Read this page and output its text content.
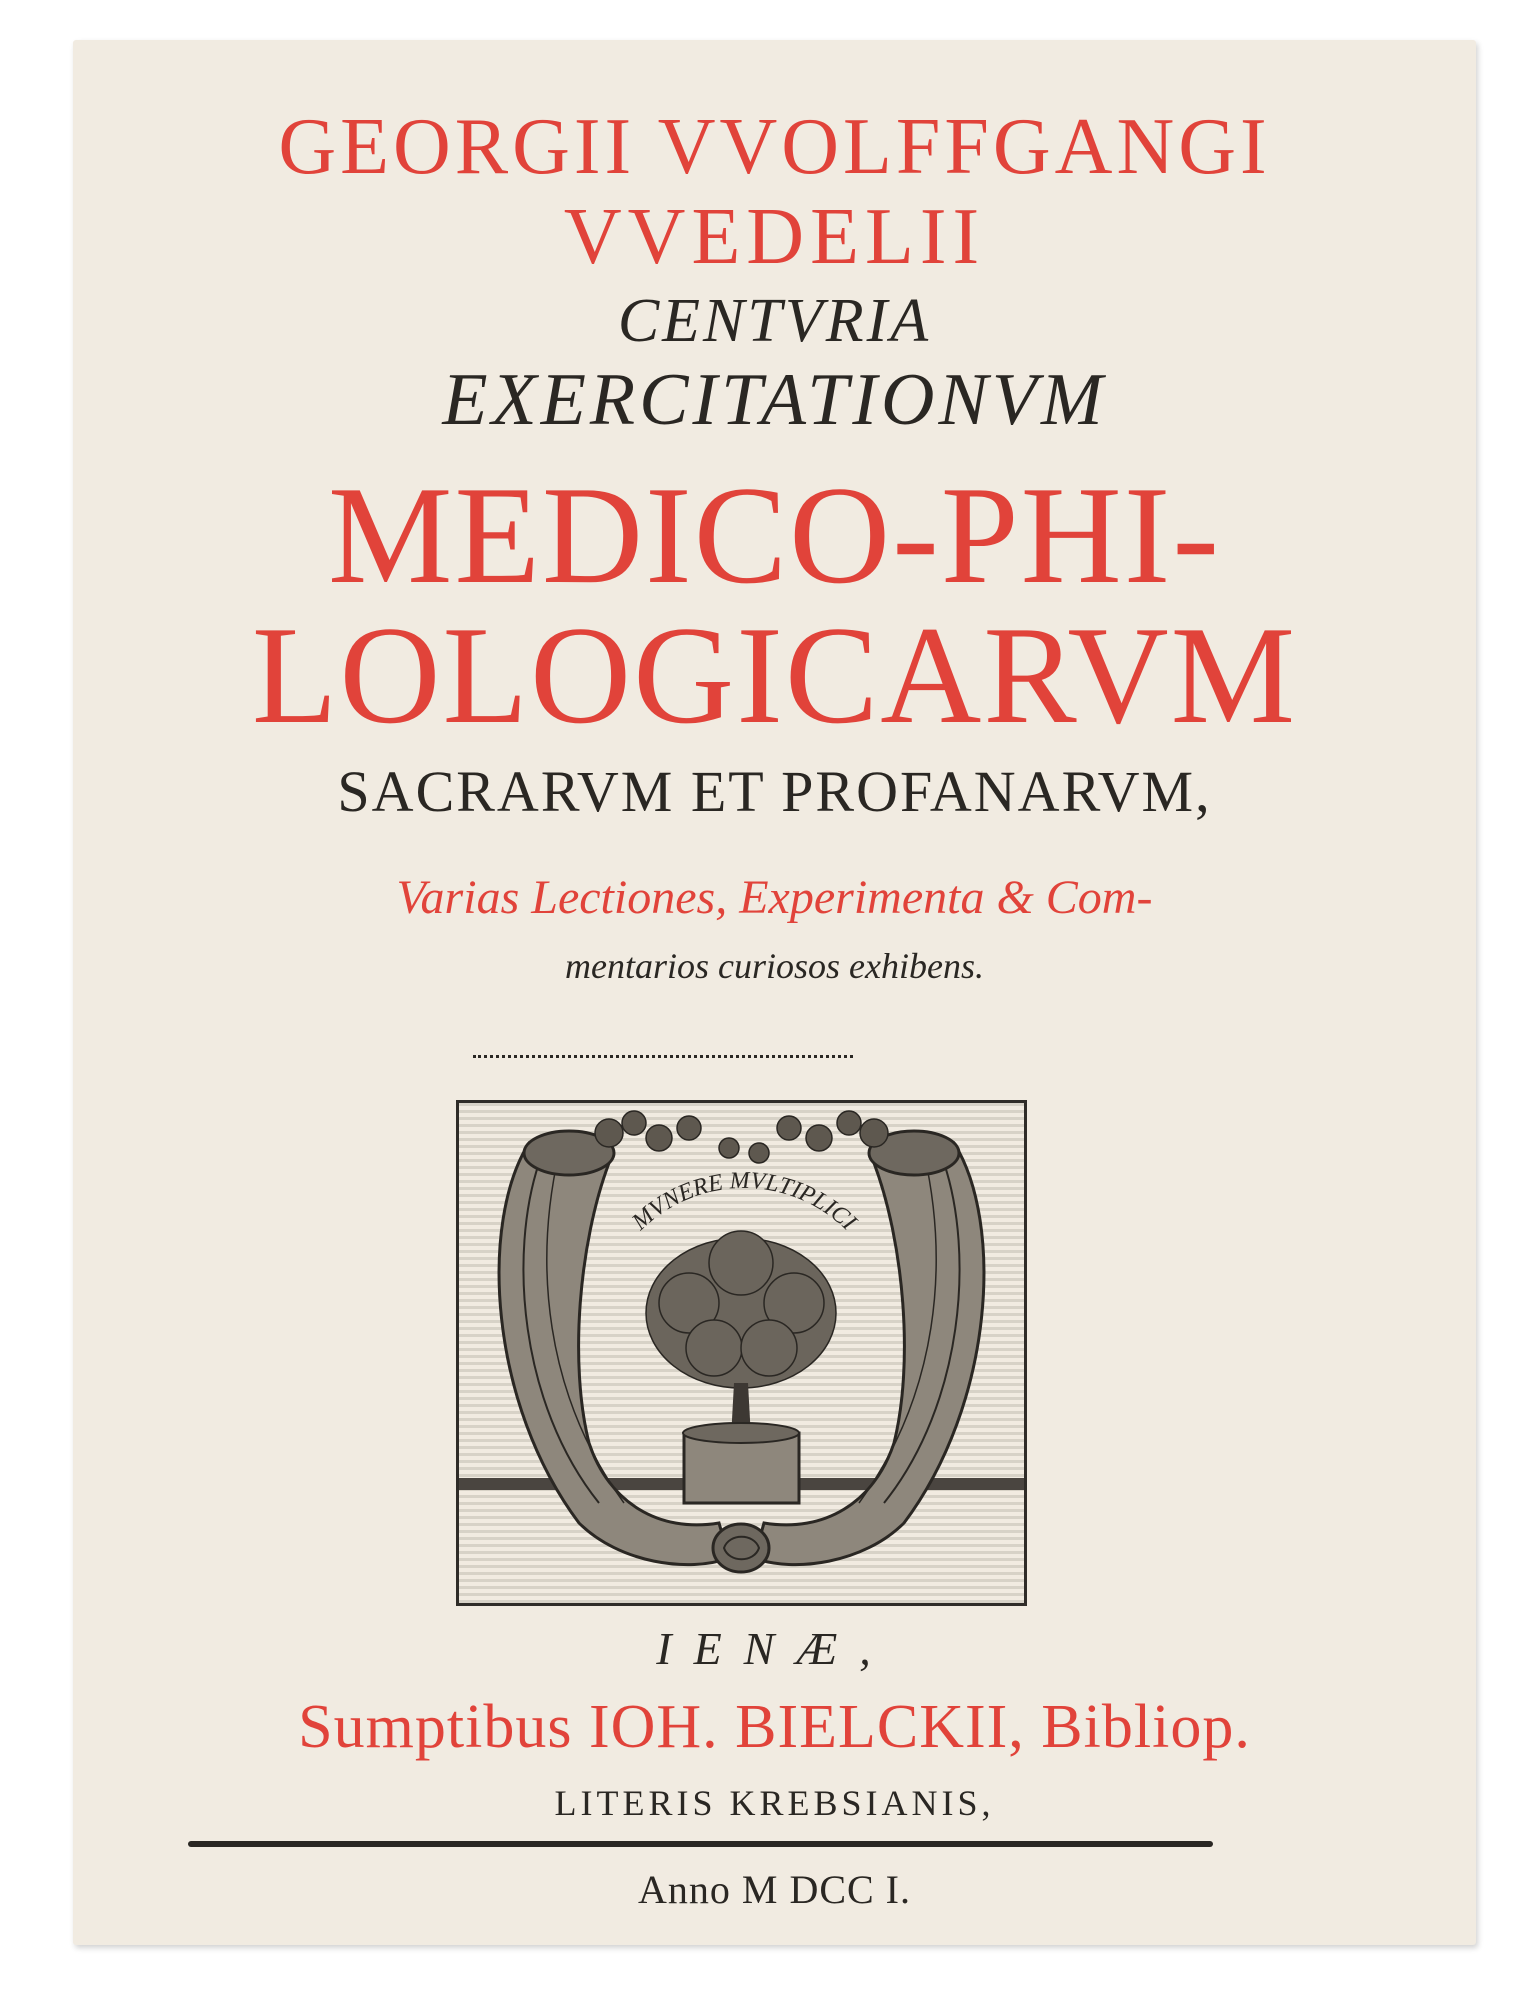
GEORGII VVOLFFGANGI
VVEDELII
CENTVRIA
EXERCITATIONVM
MEDICO-PHI-
LOLOGICARVM
SACRARVM ET PROFANARVM,
Varias Lectiones, Experimenta & Com-
mentarios curiosos exhibens.
MVNERE MVLTIPLICI
IENÆ,
Sumptibus IOH. BIELCKII, Bibliop.
LITERIS KREBSIANIS,
Anno M DCC I.
